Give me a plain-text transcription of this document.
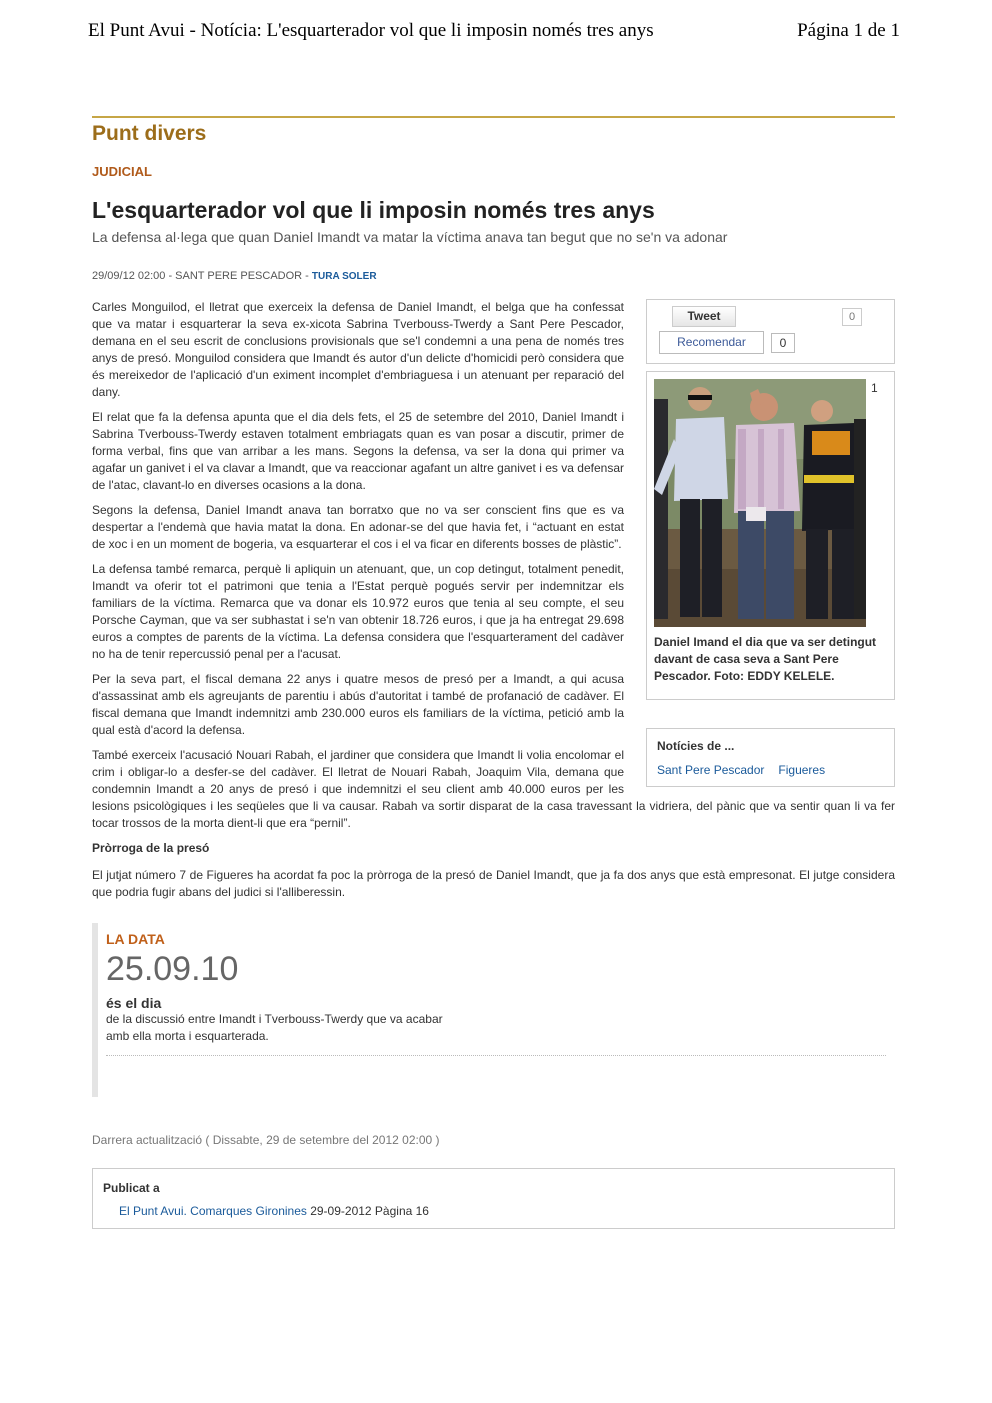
El Punt Avui - Notícia: L'esquarterador vol que li imposin només tres anys	Página 1 de 1
Punt divers
JUDICIAL
L'esquarterador vol que li imposin només tres anys
La defensa al·lega que quan Daniel Imandt va matar la víctima anava tan begut que no se'n va adonar
29/09/12 02:00 - SANT PERE PESCADOR - TURA SOLER
Tweet	0
Recomendar	0
1
Daniel Imand el dia que va ser detingut davant de casa seva a Sant Pere Pescador. Foto: EDDY KELELE.
Notícies de ...
Sant Pere Pescador Figueres

Carles Monguilod, el lletrat que exerceix la defensa de Daniel Imandt, el belga que ha confessat que va matar i esquarterar la seva ex-xicota Sabrina Tverbouss-Twerdy a Sant Pere Pescador, demana en el seu escrit de conclusions provisionals que se'l condemni a una pena de només tres anys de presó. Monguilod considera que Imandt és autor d'un delicte d'homicidi però considera que és mereixedor de l'aplicació d'un eximent incomplet d'embriaguesa i un atenuant per reparació del dany.

El relat que fa la defensa apunta que el dia dels fets, el 25 de setembre del 2010, Daniel Imandt i Sabrina Tverbouss-Twerdy estaven totalment embriagats quan es van posar a discutir, primer de forma verbal, fins que van arribar a les mans. Segons la defensa, va ser la dona qui primer va agafar un ganivet i el va clavar a Imandt, que va reaccionar agafant un altre ganivet i es va defensar de l'atac, clavant-lo en diverses ocasions a la dona.

Segons la defensa, Daniel Imandt anava tan borratxo que no va ser conscient fins que es va despertar a l'endemà que havia matat la dona. En adonar-se del que havia fet, i “actuant en estat de xoc i en un moment de bogeria, va esquarterar el cos i el va ficar en diferents bosses de plàstic”.

La defensa també remarca, perquè li apliquin un atenuant, que, un cop detingut, totalment penedit, Imandt va oferir tot el patrimoni que tenia a l'Estat perquè pogués servir per indemnitzar els familiars de la víctima. Remarca que va donar els 10.972 euros que tenia al seu compte, el seu Porsche Cayman, que va ser subhastat i se'n van obtenir 18.726 euros, i que ja ha entregat 29.698 euros a comptes de parents de la víctima. La defensa considera que l'esquarterament del cadàver no ha de tenir repercussió penal per a l'acusat.

Per la seva part, el fiscal demana 22 anys i quatre mesos de presó per a Imandt, a qui acusa d'assassinat amb els agreujants de parentiu i abús d'autoritat i també de profanació de cadàver. El fiscal demana que Imandt indemnitzi amb 230.000 euros els familiars de la víctima, petició amb la qual està d'acord la defensa.

També exerceix l'acusació Nouari Rabah, el jardiner que considera que Imandt li volia encolomar el crim i obligar-lo a desfer-se del cadàver. El lletrat de Nouari Rabah, Joaquim Vila, demana que condemnin Imandt a 20 anys de presó i que indemnitzi el seu client amb 40.000 euros per les lesions psicològiques i les seqüeles que li va causar. Rabah va sortir disparat de la casa travessant la vidriera, del pànic que va sentir quan li va fer tocar trossos de la morta dient-li que era “pernil”.

Pròrroga de la presó

El jutjat número 7 de Figueres ha acordat fa poc la pròrroga de la presó de Daniel Imandt, que ja fa dos anys que està empresonat. El jutge considera que podria fugir abans del judici si l'alliberessin.

LA DATA
25.09.10
és el dia
de la discussió entre Imandt i Tverbouss-Twerdy que va acabar amb ella morta i esquarterada.
Darrera actualització ( Dissabte, 29 de setembre del 2012 02:00 )
Publicat a
El Punt Avui. Comarques Gironines 29-09-2012 Pàgina 16
